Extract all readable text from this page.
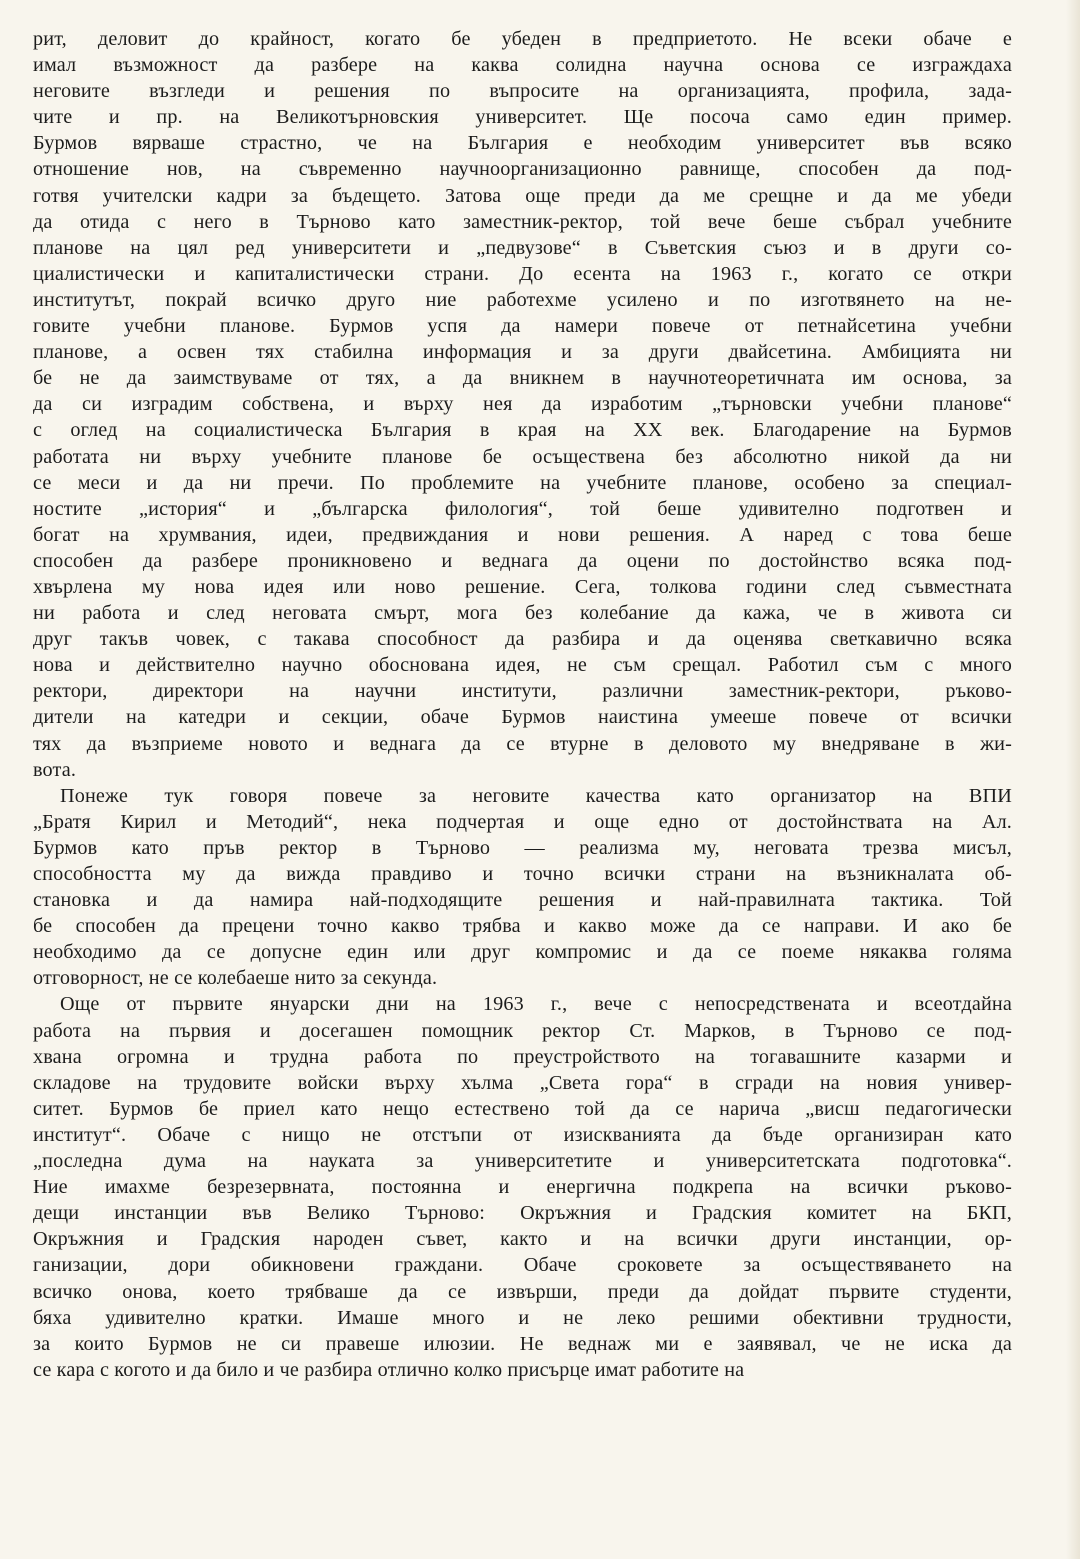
рит, деловит до крайност, когато бе убеден в предприетото. Не всеки обаче е
имал възможност да разбере на каква солидна научна основа се изграждаха
неговите възгледи и решения по въпросите на организацията, профила, зада-
чите и пр. на Великотърновския университет. Ще посоча само един пример.
Бурмов вярваше страстно, че на България е необходим университет във всяко
отношение нов, на съвременно научноорганизационно равнище, способен да под-
готвя учителски кадри за бъдещето. Затова още преди да ме срещне и да ме убеди
да отида с него в Търново като заместник-ректор, той вече беше събрал учебните
планове на цял ред университети и „педвузове“ в Съветския съюз и в други со-
циалистически и капиталистически страни. До есента на 1963 г., когато се откри
институтът, покрай всичко друго ние работехме усилено и по изготвянето на не-
говите учебни планове. Бурмов успя да намери повече от петнайсетина учебни
планове, а освен тях стабилна информация и за други двайсетина. Амбицията ни
бе не да заимствуваме от тях, а да вникнем в научнотеоретичната им основа, за
да си изградим собствена, и върху нея да изработим „търновски учебни планове“
с оглед на социалистическа България в края на XX век. Благодарение на Бурмов
работата ни върху учебните планове бе осъществена без абсолютно никой да ни
се меси и да ни пречи. По проблемите на учебните планове, особено за специал-
ностите „история“ и „българска филология“, той беше удивително подготвен и
богат на хрумвания, идеи, предвиждания и нови решения. А наред с това беше
способен да разбере проникновено и веднага да оцени по достойнство всяка под-
хвърлена му нова идея или ново решение. Сега, толкова години след съвместната
ни работа и след неговата смърт, мога без колебание да кажа, че в живота си
друг такъв човек, с такава способност да разбира и да оценява светкавично всяка
нова и действително научно обоснована идея, не съм срещал. Работил съм с много
ректори, директори на научни институти, различни заместник-ректори, ръково-
дители на катедри и секции, обаче Бурмов наистина умееше повече от всички
тях да възприеме новото и веднага да се втурне в деловото му внедряване в жи-
вота.
Понеже тук говоря повече за неговите качества като организатор на ВПИ
„Братя Кирил и Методий“, нека подчертая и още едно от достойнствата на Ал.
Бурмов като пръв ректор в Търново — реализма му, неговата трезва мисъл,
способността му да вижда правдиво и точно всички страни на възникналата об-
становка и да намира най-подходящите решения и най-правилната тактика. Той
бе способен да прецени точно какво трябва и какво може да се направи. И ако бе
необходимо да се допусне един или друг компромис и да се поеме някаква голяма
отговорност, не се колебаеше нито за секунда.
Още от първите януарски дни на 1963 г., вече с непосредствената и всеотдайна
работа на първия и досегашен помощник ректор Ст. Марков, в Търново се под-
хвана огромна и трудна работа по преустройството на тогавашните казарми и
складове на трудовите войски върху хълма „Света гора“ в сгради на новия универ-
ситет. Бурмов бе приел като нещо естествено той да се нарича „висш педагогически
институт“. Обаче с нищо не отстъпи от изискванията да бъде организиран като
„последна дума на науката за университетите и университетската подготовка“.
Ние имахме безрезервната, постоянна и енергична подкрепа на всички ръково-
дещи инстанции във Велико Търново: Окръжния и Градския комитет на БКП,
Окръжния и Градския народен съвет, както и на всички други инстанции, ор-
ганизации, дори обикновени граждани. Обаче сроковете за осъществяването на
всичко онова, което трябваше да се извърши, преди да дойдат първите студенти,
бяха удивително кратки. Имаше много и не леко решими обективни трудности,
за които Бурмов не си правеше илюзии. Не веднаж ми е заявявал, че не иска да
се кара с когото и да било и че разбира отлично колко присърце имат работите на
